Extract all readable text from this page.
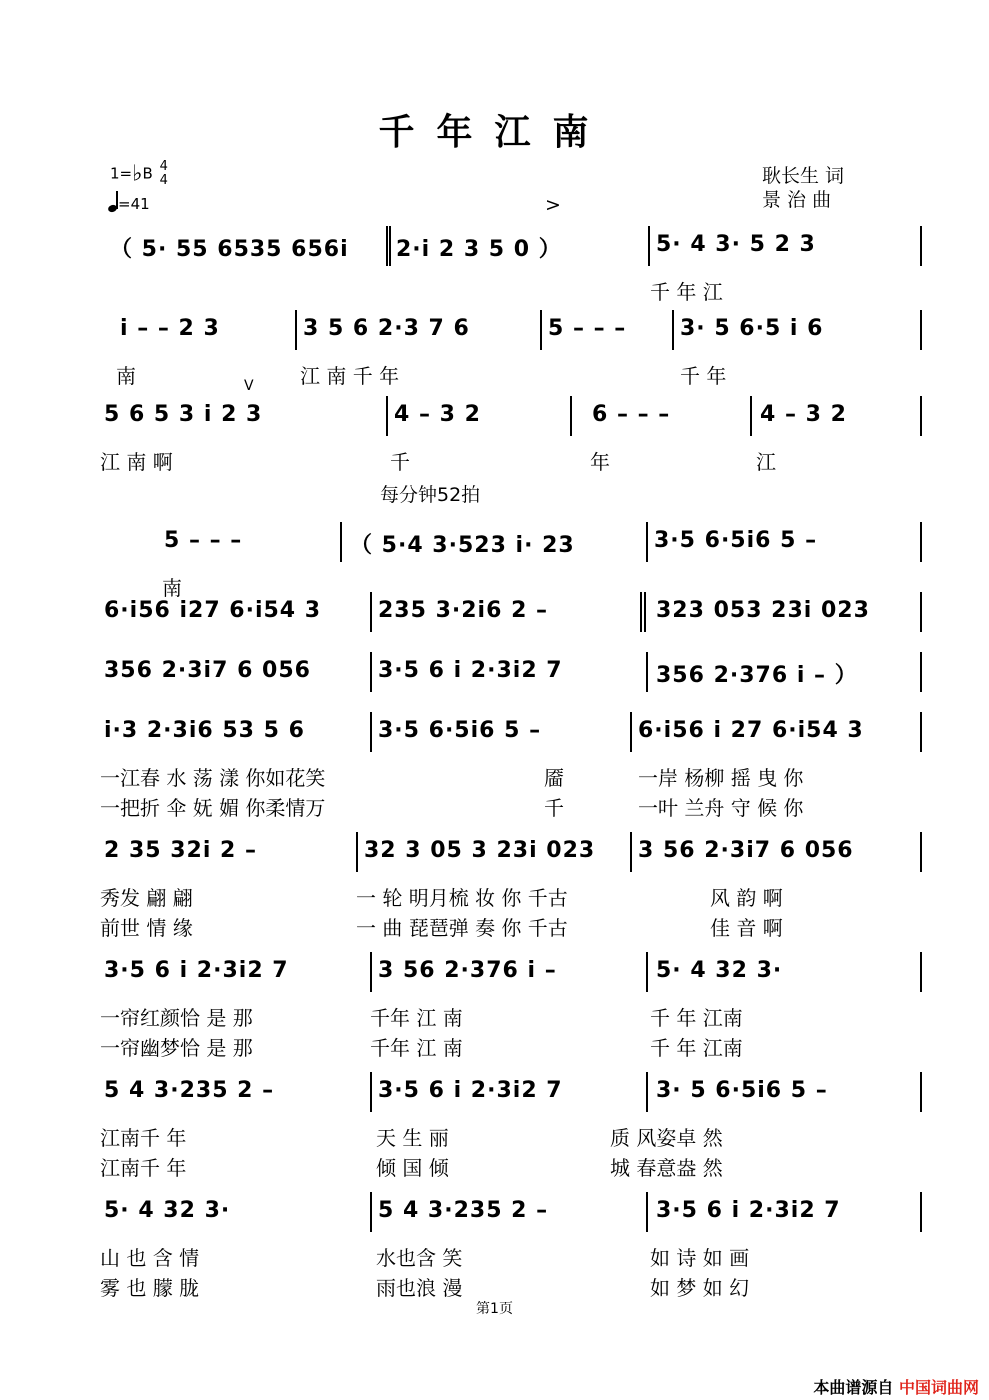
千年江南
1=♭B 4
4
=41
耿长生 词
景 治 曲
>
（ 5· 55 6535 656i 2·i 2 3 5 0 ）	5· 4 3· 5 2 3
千 年 江
i – – 2 3	3 5 6 2·3 7 6	5 – – – 3· 5 6·5 i 6
南	江 南 千 年	千 年
V
5 6 5 3 i 2 3	4 – 3 2	6 – – –	4 – 3 2
江 南 啊	千	年	江
每分钟52拍
5 – – –	（ 5·4 3·523 i· 23	3·5 6·5i6 5 –
南
6·i56 i27 6·i54 3	235 3·2i6 2 –	323 053 23i 023
356 2·3i7 6 056	3·5 6 i 2·3i2 7	356 2·376 i – ）
i·3 2·3i6 53 5 6	3·5 6·5i6 5 –	6·i56 i 27 6·i54 3
一江春 水 荡 漾 你如花笑	靥	一岸 杨柳 摇 曳 你
一把折 伞 妩 媚 你柔情万	千	一叶 兰舟 守 候 你
2 35 32i 2 –	32 3 05 3 23i 023 3 56 2·3i7 6 056
秀发 翩 翩	一 轮 明月梳 妆 你 千古	风 韵 啊
前世 情 缘	一 曲 琵琶弹 奏 你 千古	佳 音 啊
3·5 6 i 2·3i2 7	3 56 2·376 i –	5· 4 32 3·
一帘红颜恰 是 那	千年 江 南	千 年 江南
一帘幽梦恰 是 那	千年 江 南	千 年 江南
5 4 3·235 2 –	3·5 6 i 2·3i2 7	3· 5 6·5i6 5 –
江南千 年	天 生 丽	质 风姿卓 然
江南千 年	倾 国 倾	城 春意盎 然
5· 4 32 3·	5 4 3·235 2 –	3·5 6 i 2·3i2 7
山 也 含 情	水也含 笑	如 诗 如 画
雾 也 朦 胧	雨也浪 漫	如 梦 如 幻
第1页
本曲谱源自 中国词曲网
